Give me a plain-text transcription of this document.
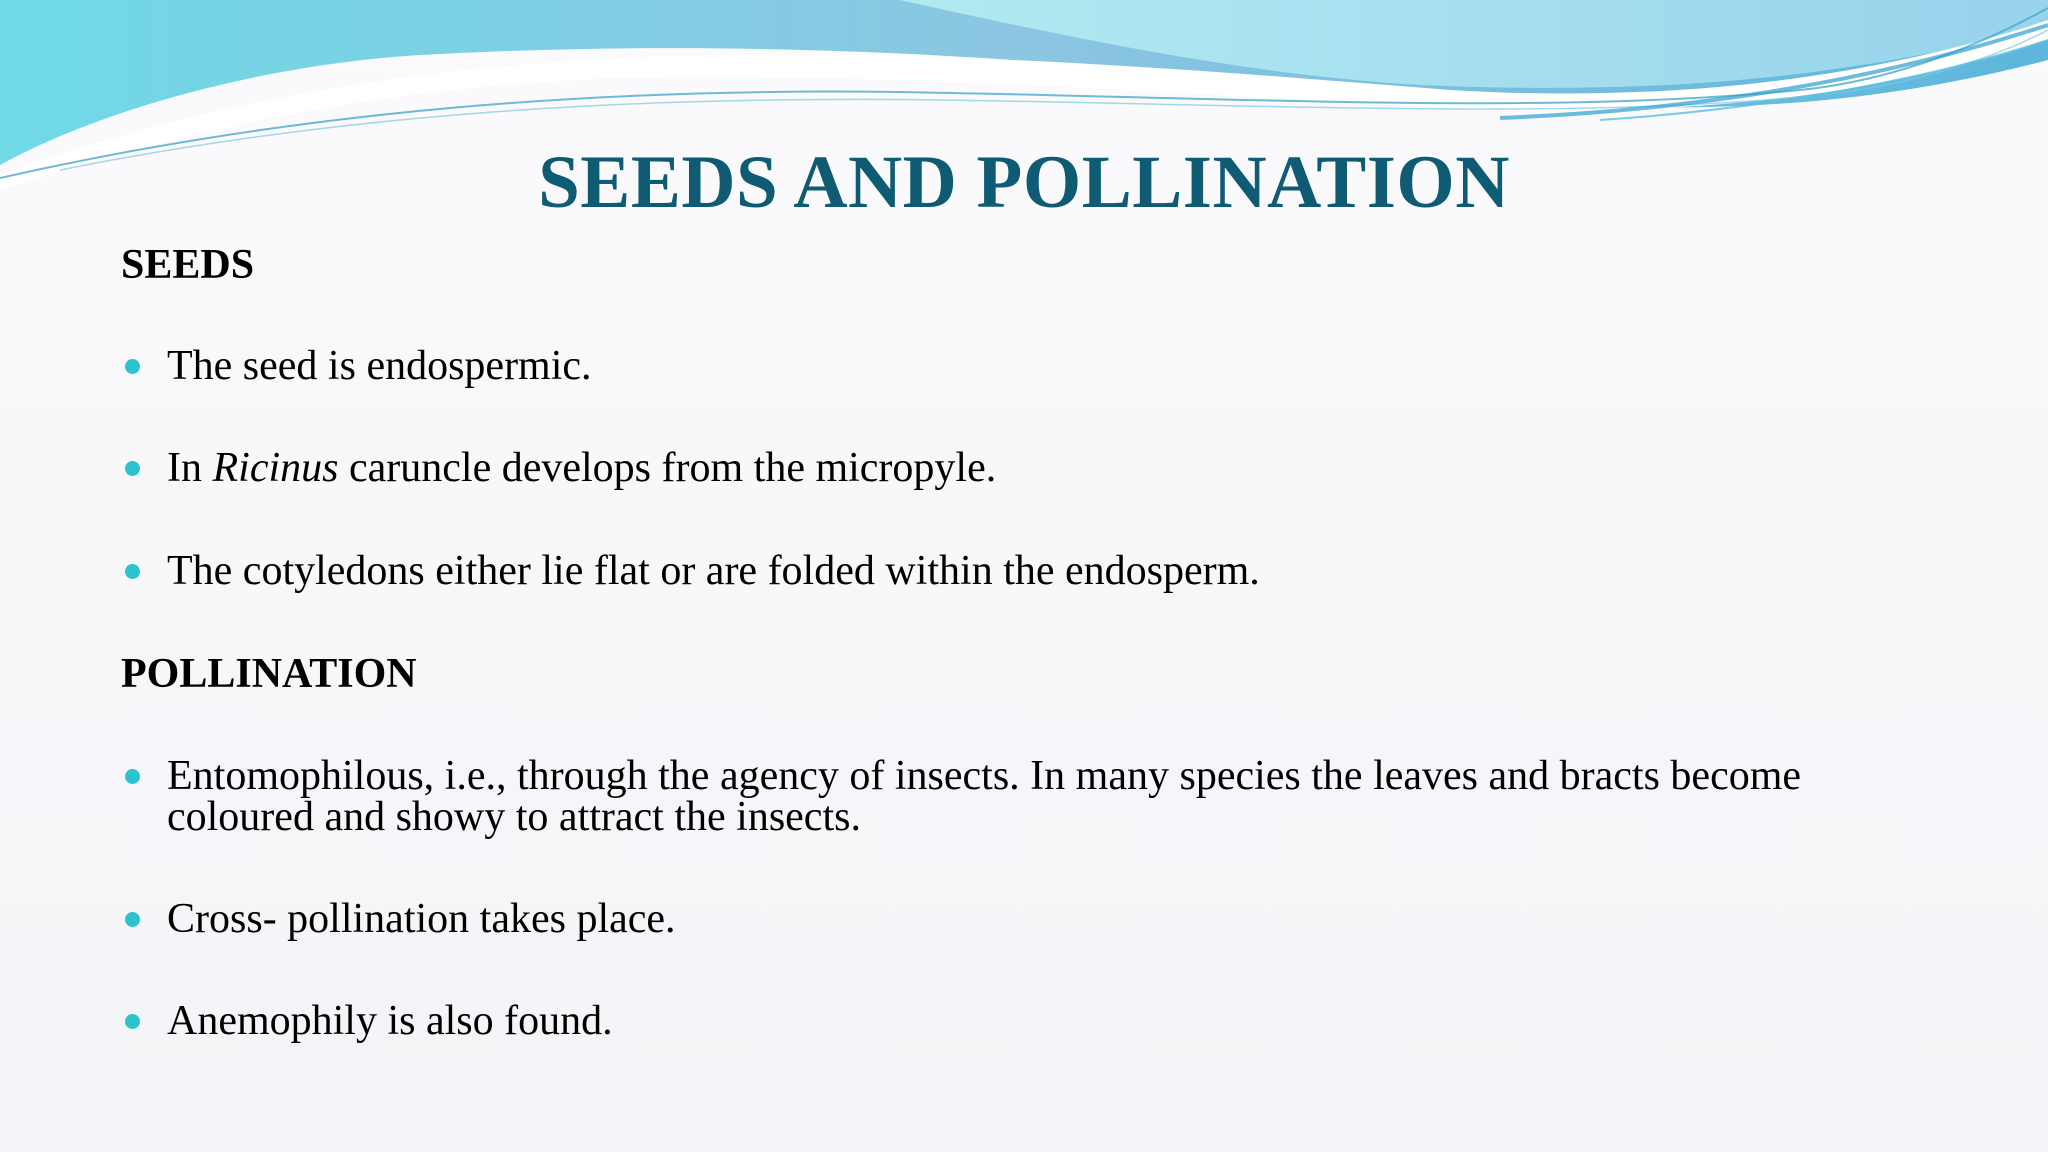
SEEDS AND POLLINATION
SEEDS
The seed is endospermic.
In Ricinus caruncle develops from the micropyle.
The cotyledons either lie flat or are folded within the endosperm.
POLLINATION
Entomophilous, i.e., through the agency of insects. In many species the leaves and bracts become coloured and showy to attract the insects.
Cross- pollination takes place.
Anemophily is also found.
